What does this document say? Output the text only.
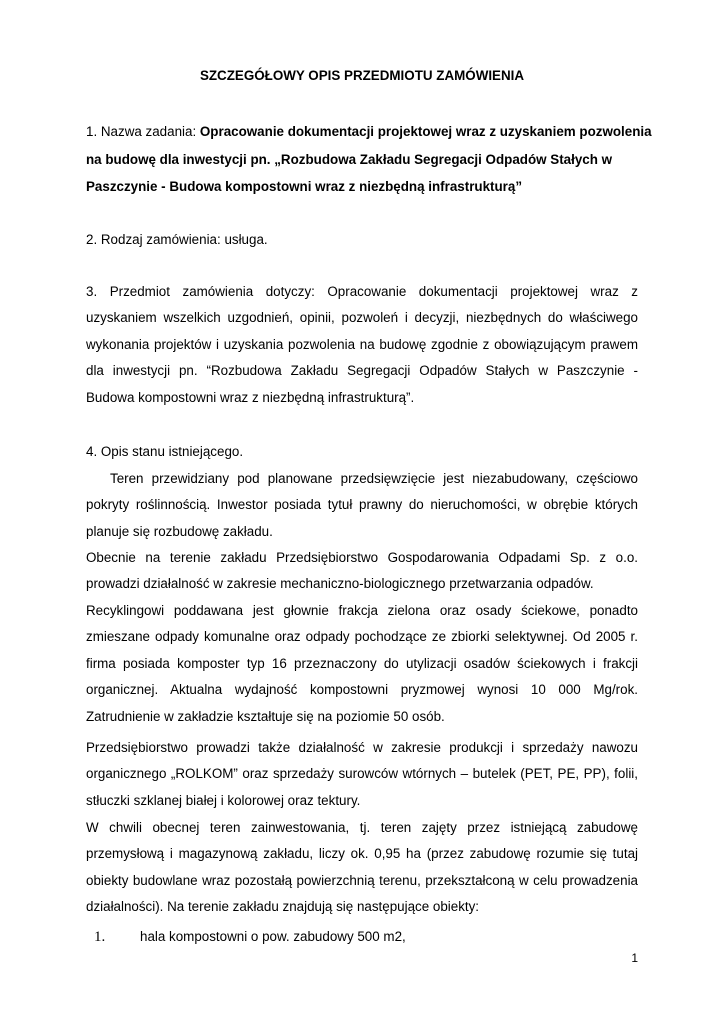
SZCZEGÓŁOWY OPIS PRZEDMIOTU ZAMÓWIENIA
1. Nazwa zadania: Opracowanie dokumentacji projektowej wraz z uzyskaniem pozwolenia
na budowę dla inwestycji pn. „Rozbudowa Zakładu Segregacji Odpadów Stałych w
Paszczynie - Budowa kompostowni wraz z niezbędną infrastrukturą”
2. Rodzaj zamówienia: usługa.
3. Przedmiot zamówienia dotyczy: Opracowanie dokumentacji projektowej wraz z uzyskaniem wszelkich uzgodnień, opinii, pozwoleń i decyzji, niezbędnych do właściwego wykonania projektów i uzyskania pozwolenia na budowę zgodnie z obowiązującym prawem dla inwestycji pn. “Rozbudowa Zakładu Segregacji Odpadów Stałych w Paszczynie - Budowa kompostowni wraz z niezbędną infrastrukturą”.
4. Opis stanu istniejącego.
Teren przewidziany pod planowane przedsięwzięcie jest niezabudowany, częściowo pokryty roślinnością. Inwestor posiada tytuł prawny do nieruchomości, w obrębie których planuje się rozbudowę zakładu.
Obecnie na terenie zakładu Przedsiębiorstwo Gospodarowania Odpadami Sp. z o.o. prowadzi działalność w zakresie mechaniczno-biologicznego przetwarzania odpadów.
Recyklingowi poddawana jest głownie frakcja zielona oraz osady ściekowe, ponadto zmieszane odpady komunalne oraz odpady pochodzące ze zbiorki selektywnej. Od 2005 r. firma posiada komposter typ 16 przeznaczony do utylizacji osadów ściekowych i frakcji organicznej. Aktualna wydajność kompostowni pryzmowej wynosi 10 000 Mg/rok. Zatrudnienie w zakładzie kształtuje się na poziomie 50 osób.
Przedsiębiorstwo prowadzi także działalność w zakresie produkcji i sprzedaży nawozu organicznego „ROLKOM” oraz sprzedaży surowców wtórnych – butelek (PET, PE, PP), folii, stłuczki szklanej białej i kolorowej oraz tektury.
W chwili obecnej teren zainwestowania, tj. teren zajęty przez istniejącą zabudowę przemysłową i magazynową zakładu, liczy ok. 0,95 ha (przez zabudowę rozumie się tutaj obiekty budowlane wraz pozostałą powierzchnią terenu, przekształconą w celu prowadzenia działalności). Na terenie zakładu znajdują się następujące obiekty:
1.	hala kompostowni o pow. zabudowy 500 m2,
1
